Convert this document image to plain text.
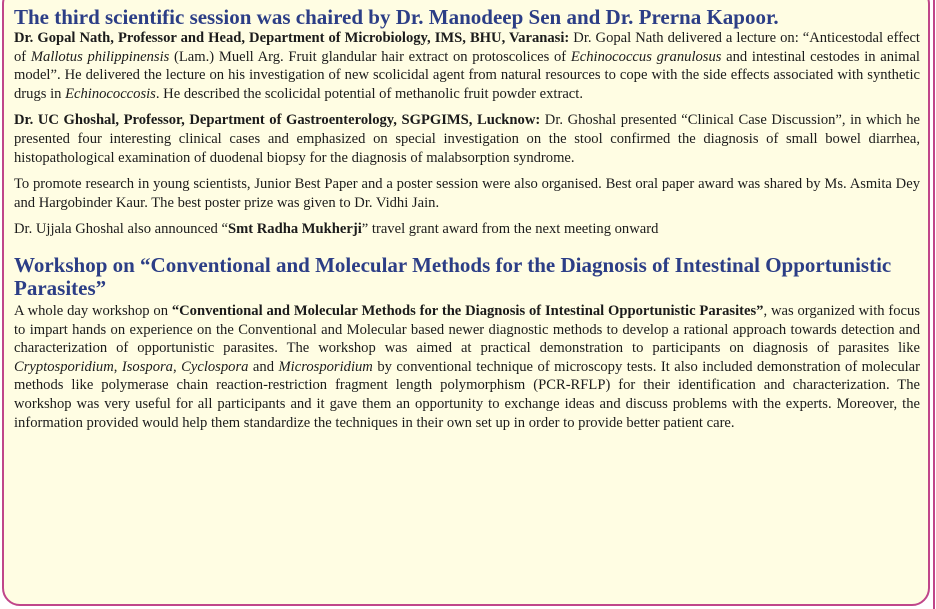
The third scientific session was chaired by Dr. Manodeep Sen and Dr. Prerna Kapoor.

Dr. Gopal Nath, Professor and Head, Department of Microbiology, IMS, BHU, Varanasi: Dr. Gopal Nath delivered a lecture on: “Anticestodal effect of Mallotus philippinensis (Lam.) Muell Arg. Fruit glandular hair extract on protoscolices of Echinococcus granulosus and intestinal cestodes in animal model”. He delivered the lecture on his investigation of new scolicidal agent from natural resources to cope with the side effects associated with synthetic drugs in Echinococcosis. He described the scolicidal potential of methanolic fruit powder extract.

Dr. UC Ghoshal, Professor, Department of Gastroenterology, SGPGIMS, Lucknow: Dr. Ghoshal presented “Clinical Case Discussion”, in which he presented four interesting clinical cases and emphasized on special investigation on the stool confirmed the diagnosis of small bowel diarrhea, histopathological examination of duodenal biopsy for the diagnosis of malabsorption syndrome.

To promote research in young scientists, Junior Best Paper and a poster session were also organised. Best oral paper award was shared by Ms. Asmita Dey and Hargobinder Kaur. The best poster prize was given to Dr. Vidhi Jain.

Dr. Ujjala Ghoshal also announced “Smt Radha Mukherji” travel grant award from the next meeting onward

Workshop on “Conventional and Molecular Methods for the Diagnosis of Intestinal Opportunistic Parasites”

A whole day workshop on “Conventional and Molecular Methods for the Diagnosis of Intestinal Opportunistic Parasites”, was organized with focus to impart hands on experience on the Conventional and Molecular based newer diagnostic methods to develop a rational approach towards detection and characterization of opportunistic parasites. The workshop was aimed at practical demonstration to participants on diagnosis of parasites like Cryptosporidium, Isospora, Cyclospora and Microsporidium by conventional technique of microscopy tests. It also included demonstration of molecular methods like polymerase chain reaction-restriction fragment length polymorphism (PCR-RFLP) for their identification and characterization. The workshop was very useful for all participants and it gave them an opportunity to exchange ideas and discuss problems with the experts. Moreover, the information provided would help them standardize the techniques in their own set up in order to provide better patient care.
